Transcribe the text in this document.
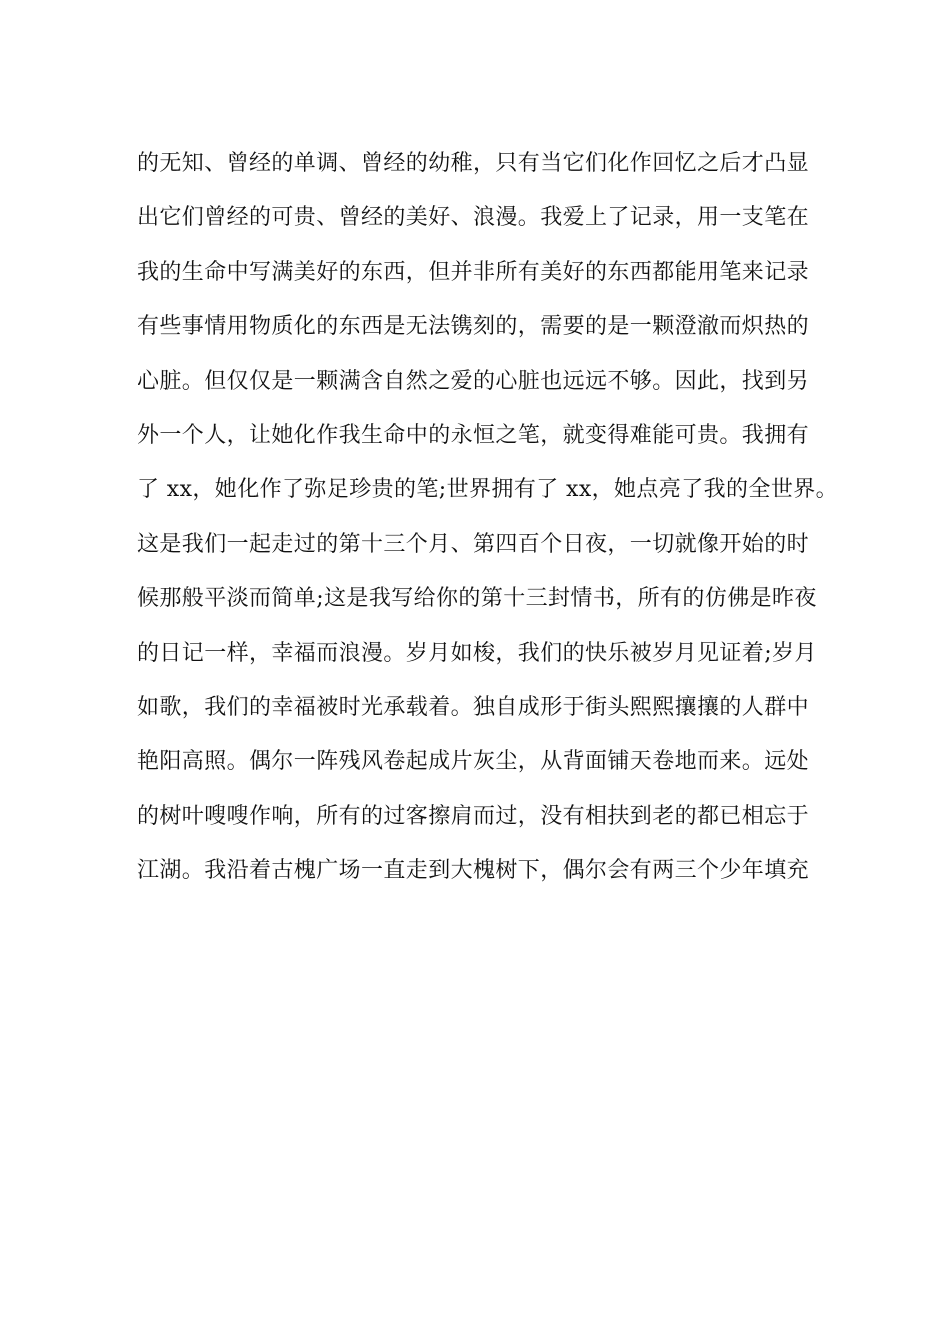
的无知、曾经的单调、曾经的幼稚，只有当它们化作回忆之后才凸显
出它们曾经的可贵、曾经的美好、浪漫。我爱上了记录，用一支笔在
我的生命中写满美好的东西，但并非所有美好的东西都能用笔来记录
有些事情用物质化的东西是无法镌刻的，需要的是一颗澄澈而炽热的
心脏。但仅仅是一颗满含自然之爱的心脏也远远不够。因此，找到另
外一个人，让她化作我生命中的永恒之笔，就变得难能可贵。我拥有
了 xx，她化作了弥足珍贵的笔;世界拥有了 xx，她点亮了我的全世界。
这是我们一起走过的第十三个月、第四百个日夜，一切就像开始的时
候那般平淡而简单;这是我写给你的第十三封情书，所有的仿佛是昨夜
的日记一样，幸福而浪漫。岁月如梭，我们的快乐被岁月见证着;岁月
如歌，我们的幸福被时光承载着。独自成形于街头熙熙攘攘的人群中
艳阳高照。偶尔一阵残风卷起成片灰尘，从背面铺天卷地而来。远处
的树叶嗖嗖作响，所有的过客擦肩而过，没有相扶到老的都已相忘于
江湖。我沿着古槐广场一直走到大槐树下，偶尔会有两三个少年填充
